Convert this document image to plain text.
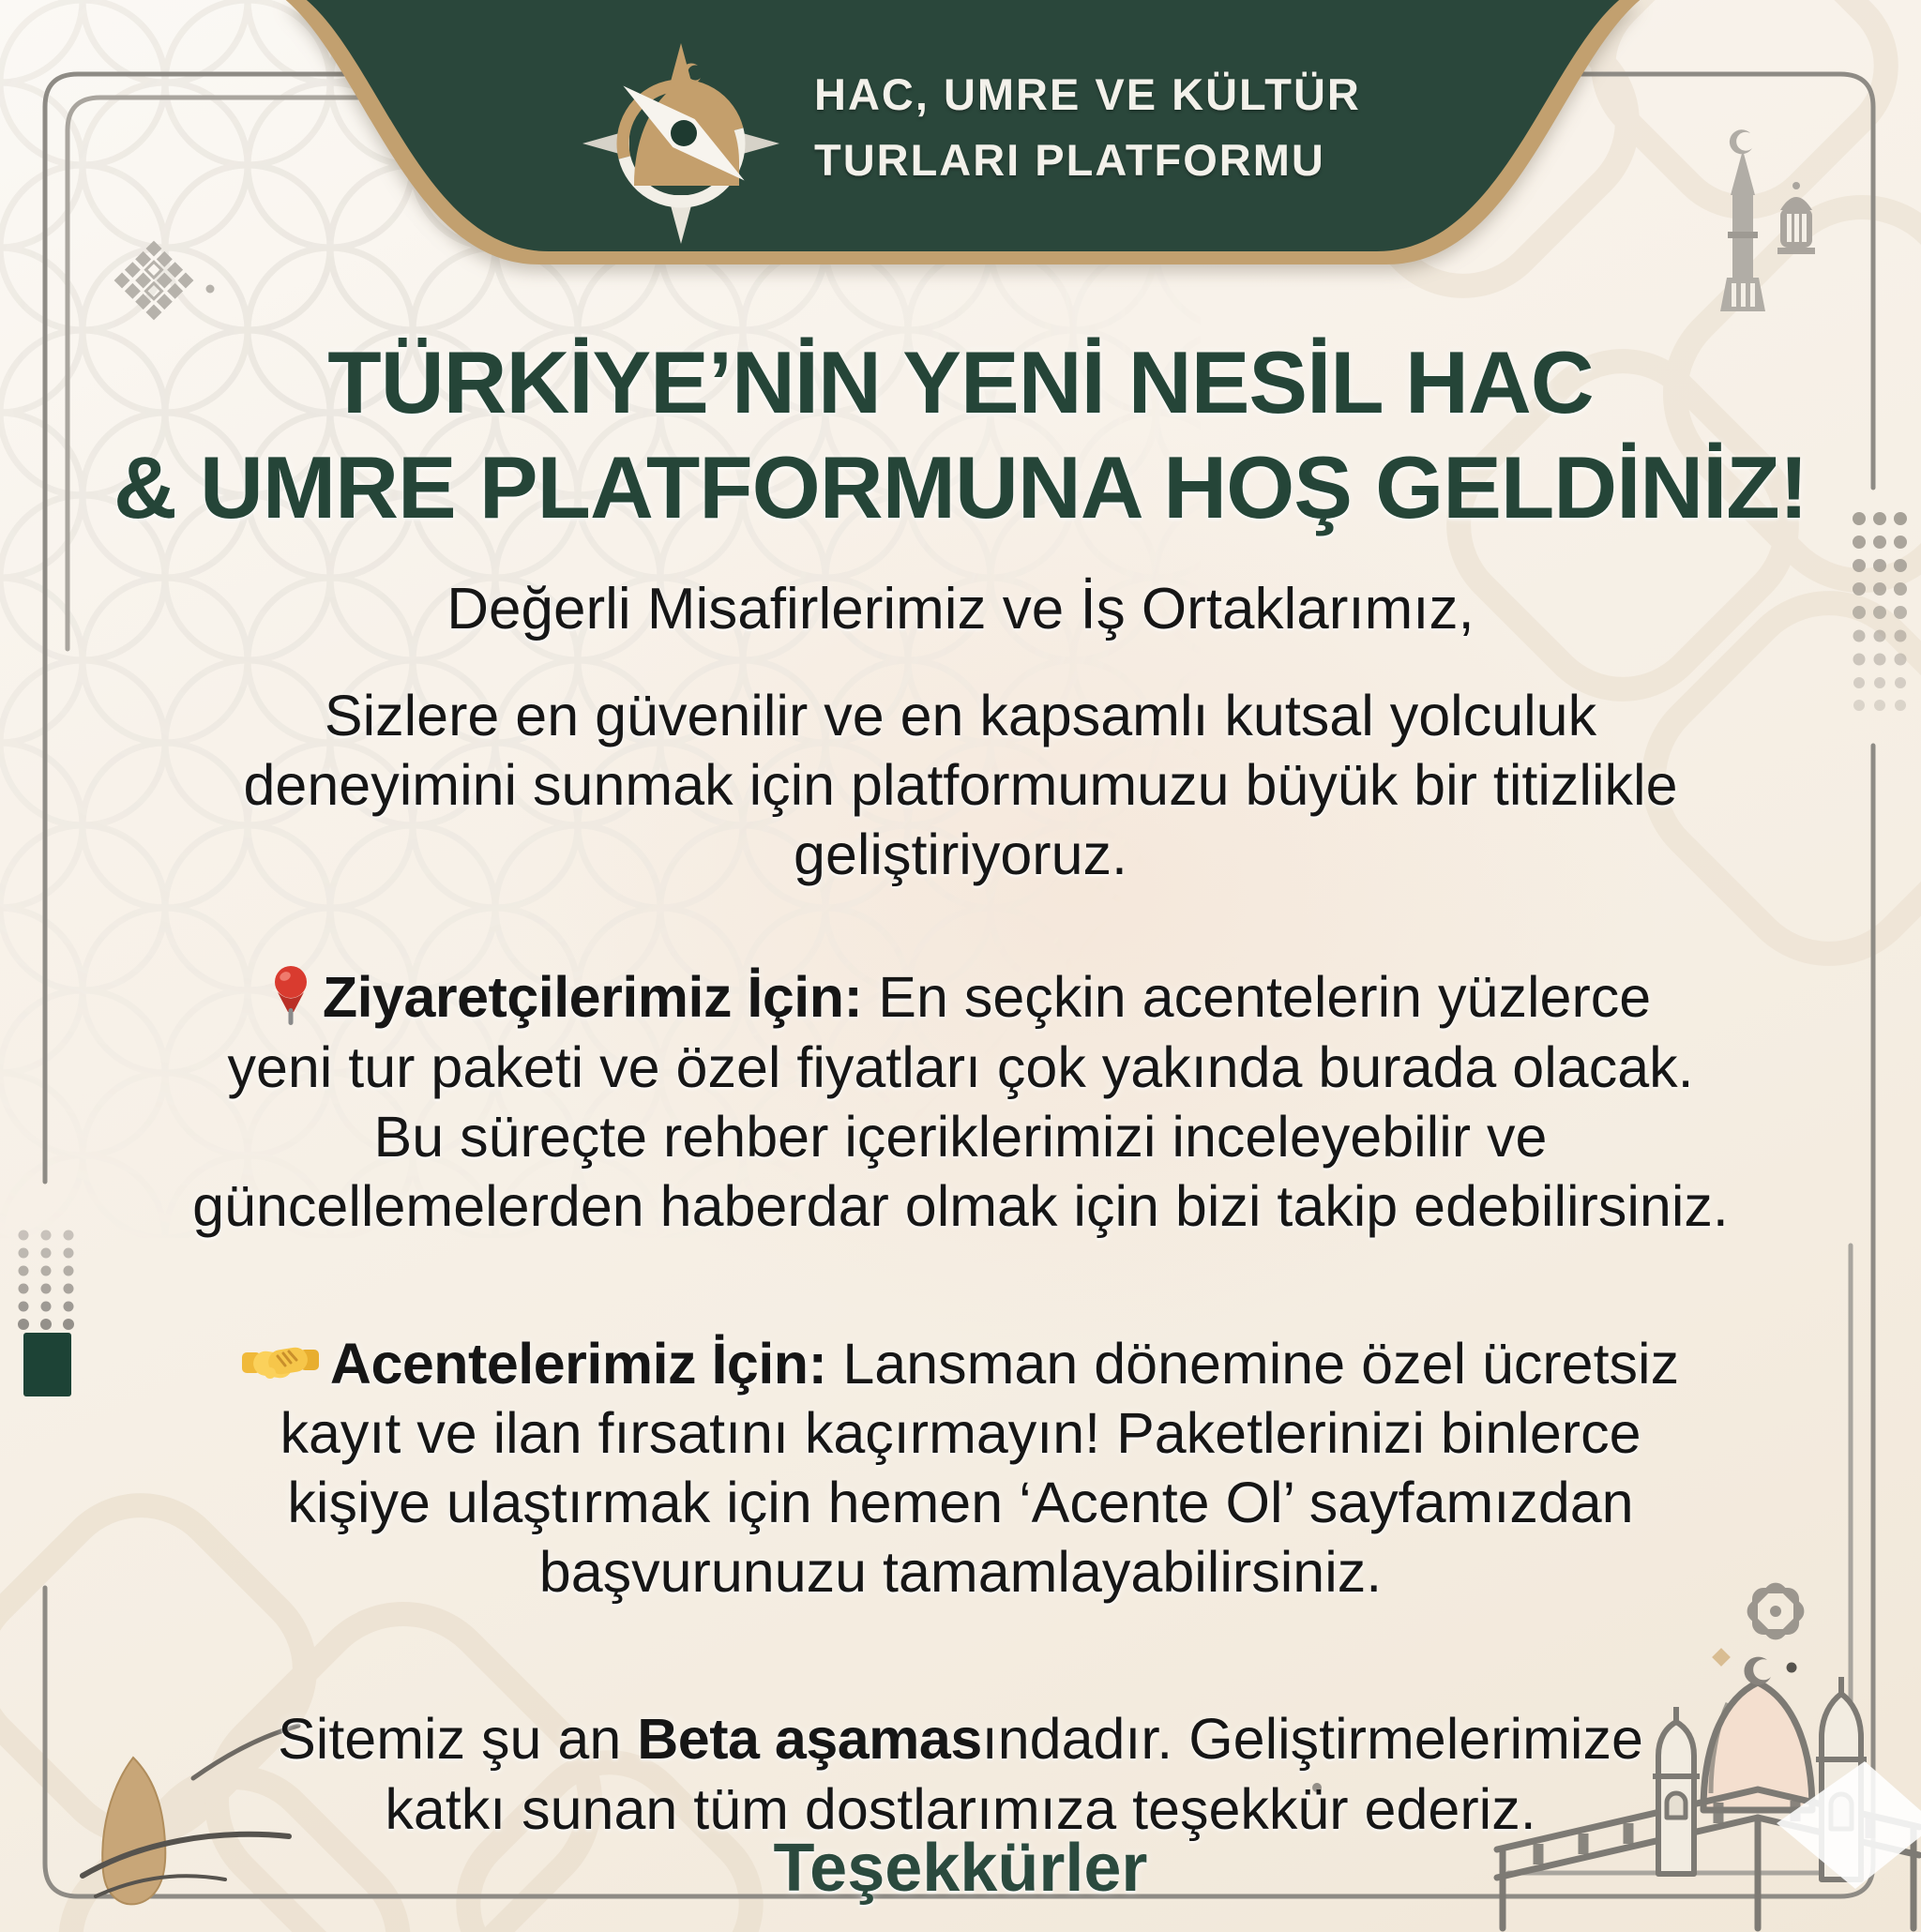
HAC, UMRE VE KÜLTÜR
TURLARI PLATFORMU
TÜRKİYE’NİN YENİ NESİL HAC
& UMRE PLATFORMUNA HOŞ GELDİNİZ!
Değerli Misafirlerimiz ve İş Ortaklarımız,
Sizlere en güvenilir ve en kapsamlı kutsal yolculuk
deneyimini sunmak için platformumuzu büyük bir titizlikle
geliştiriyoruz.
Ziyaretçilerimiz İçin: En seçkin acentelerin yüzlerce
yeni tur paketi ve özel fiyatları çok yakında burada olacak.
Bu süreçte rehber içeriklerimizi inceleyebilir ve
güncellemelerden haberdar olmak için bizi takip edebilirsiniz.
Acentelerimiz İçin: Lansman dönemine özel ücretsiz
kayıt ve ilan fırsatını kaçırmayın! Paketlerinizi binlerce
kişiye ulaştırmak için hemen ‘Acente Ol’ sayfamızdan
başvurunuzu tamamlayabilirsiniz.
Sitemiz şu an Beta aşamasındadır. Geliştirmelerimize
katkı sunan tüm dostlarımıza teşekkür ederiz.
Teşekkürler
